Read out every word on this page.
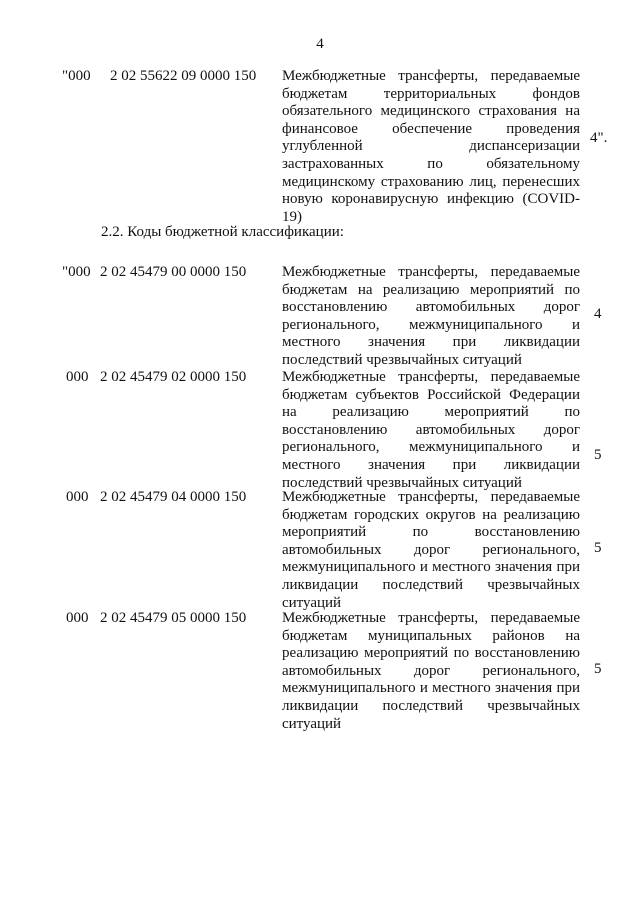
4
"000 2 02 55622 09 0000 150 Межбюджетные трансферты, передаваемые бюджетам территориальных фондов обязательного медицинского страхования на финансовое обеспечение проведения углубленной диспансеризации застрахованных по обязательному медицинскому страхованию лиц, перенесших новую коронавирусную инфекцию (COVID-19)
4".
2.2. Коды бюджетной классификации:
"000 2 02 45479 00 0000 150 Межбюджетные трансферты, передаваемые бюджетам на реализацию мероприятий по восстановлению автомобильных дорог регионального, межмуниципального и местного значения при ликвидации последствий чрезвычайных ситуаций
4
000 2 02 45479 02 0000 150 Межбюджетные трансферты, передаваемые бюджетам субъектов Российской Федерации на реализацию мероприятий по восстановлению автомобильных дорог регионального, межмуниципального и местного значения при ликвидации последствий чрезвычайных ситуаций
5
000 2 02 45479 04 0000 150 Межбюджетные трансферты, передаваемые бюджетам городских округов на реализацию мероприятий по восстановлению автомобильных дорог регионального, межмуниципального и местного значения при ликвидации последствий чрезвычайных ситуаций
5
000 2 02 45479 05 0000 150 Межбюджетные трансферты, передаваемые бюджетам муниципальных районов на реализацию мероприятий по восстановлению автомобильных дорог регионального, межмуниципального и местного значения при ликвидации последствий чрезвычайных ситуаций
5
